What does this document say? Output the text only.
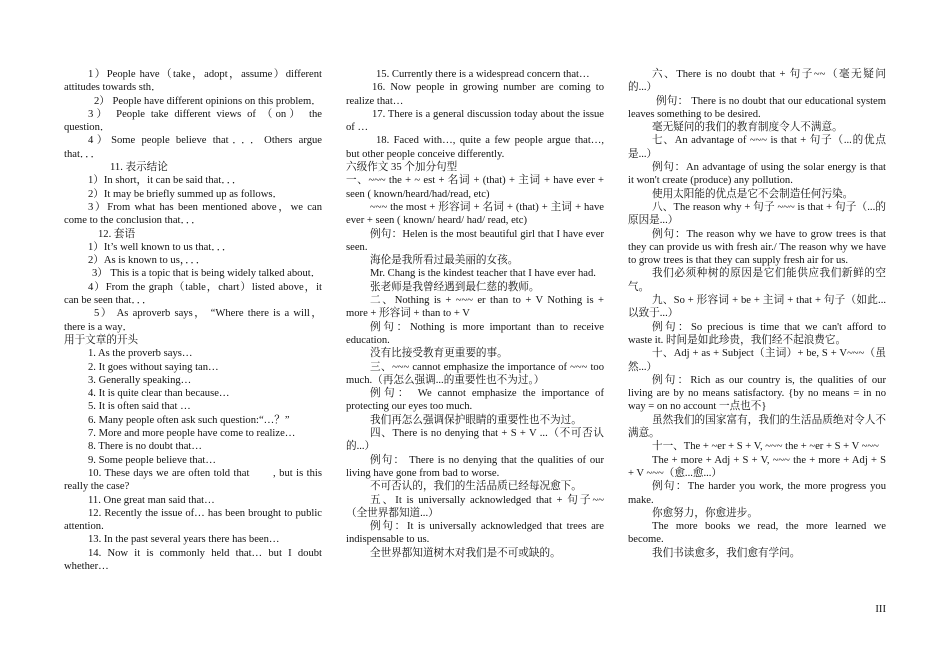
1）People have（take，adopt，assume）different attitudes towards sth．

2） People have different opinions on this problem．

3） People take different views of （on） the question．

4）Some people believe that．．．Others argue that．．．

11. 表示结论

1）In short，it can be said that．．．

2）It may be briefly summed up as follows．

3）From what has been mentioned above，we can come to the conclusion that．．．

12. 套语

1）It’s well known to us that．．．

2）As is known to us，．．．

3） This is a topic that is being widely talked about．

4）From the graph（table，chart）listed above，it can be seen that．．．

5） As aproverb says， “Where there is a will，there is a way．

用于文章的开头

1. As the proverb says…

2. It goes without saying tan…

3. Generally speaking…

4. It is quite clear than because…

5. It is often said that …

6. Many people often ask such question:“…？”

7. More and more people have come to realize…

8. There is no doubt that…

9. Some people believe that…

10. These days we are often told that　　, but is this really the case?

11. One great man said that…

12. Recently the issue of… has been brought to public attention.

13. In the past several years there has been…

14. Now it is commonly held that… but I doubt whether…

15. Currently there is a widespread concern that…

16. Now people in growing number are coming to realize that…

17. There is a general discussion today about the issue of …

18. Faced with…, quite a few people argue that…, but other people conceive differently.

六级作文 35 个加分句型

一、~~~ the + ~ est + 名词 + (that) + 主词 + have ever + seen ( known/heard/had/read, etc)

~~~ the most + 形容词 + 名词 + (that) + 主词 + have ever + seen ( known/ heard/ had/ read, etc)

例句：Helen is the most beautiful girl that I have ever seen.

海伦是我所看过最美丽的女孩。

Mr. Chang is the kindest teacher that I have ever had.

张老师是我曾经遇到最仁慈的教师。

二、Nothing is + ~~~ er than to + V Nothing is + more + 形容词 + than to + V

例句：Nothing is more important than to receive education.

没有比接受教育更重要的事。

三、~~~ cannot emphasize the importance of ~~~ too much.（再怎么强调...的重要性也不为过。）

例句： We cannot emphasize the importance of protecting our eyes too much.

我们再怎么强调保护眼睛的重要性也不为过。

四、There is no denying that + S + V ...（不可否认的...）

例句： There is no denying that the qualities of our living have gone from bad to worse.

不可否认的，我们的生活品质已经每况愈下。

五、It is universally acknowledged that + 句子~~（全世界都知道...）

例句：It is universally acknowledged that trees are indispensable to us.

全世界都知道树木对我们是不可或缺的。

六、There is no doubt that + 句子~~（毫无疑问的...）

例句： There is no doubt that our educational system leaves something to be desired.

毫无疑问的我们的教育制度令人不满意。

七、An advantage of ~~~ is that + 句子（...的优点是...）

例句：An advantage of using the solar energy is that it won't create (produce) any pollution.

使用太阳能的优点是它不会制造任何污染。

八、The reason why + 句子 ~~~ is that + 句子（...的原因是...）

例句：The reason why we have to grow trees is that they can provide us with fresh air./ The reason why we have to grow trees is that they can supply fresh air for us.

我们必须种树的原因是它们能供应我们新鲜的空气。

九、So + 形容词 + be + 主词 + that + 句子（如此...以致于...）

例句：So precious is time that we can't afford to waste it. 时间是如此珍贵，我们经不起浪费它。

十、Adj + as + Subject（主词）+ be, S + V~~~（虽然...）

例句：Rich as our country is, the qualities of our living are by no means satisfactory. {by no means = in no way = on no account 一点也不}

虽然我们的国家富有，我们的生活品质绝对令人不满意。

十一、The + ~er + S + V, ~~~ the + ~er + S + V ~~~

The + more + Adj + S + V, ~~~ the + more + Adj + S + V ~~~（愈...愈...）

例句：The harder you work, the more progress you make.

你愈努力，你愈进步。

The more books we read, the more learned we become.

我们书读愈多，我们愈有学问。

III
